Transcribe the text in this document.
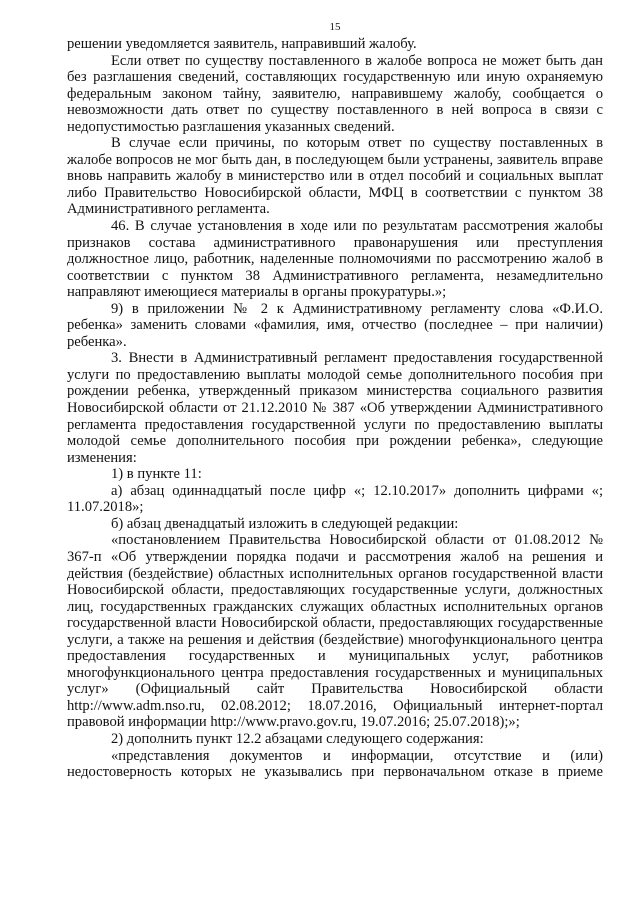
15

решении уведомляется заявитель, направивший жалобу.

Если ответ по существу поставленного в жалобе вопроса не может быть дан без разглашения сведений, составляющих государственную или иную охраняемую федеральным законом тайну, заявителю, направившему жалобу, сообщается о невозможности дать ответ по существу поставленного в ней вопроса в связи с недопустимостью разглашения указанных сведений.

В случае если причины, по которым ответ по существу поставленных в жалобе вопросов не мог быть дан, в последующем были устранены, заявитель вправе вновь направить жалобу в министерство или в отдел пособий и социальных выплат либо Правительство Новосибирской области, МФЦ в соответствии с пунктом 38 Административного регламента.

46. В случае установления в ходе или по результатам рассмотрения жалобы признаков состава административного правонарушения или преступления должностное лицо, работник, наделенные полномочиями по рассмотрению жалоб в соответствии с пунктом 38 Административного регламента, незамедлительно направляют имеющиеся материалы в органы прокуратуры.»;

9) в приложении № 2 к Административному регламенту слова «Ф.И.О. ребенка» заменить словами «фамилия, имя, отчество (последнее – при наличии) ребенка».

3. Внести в Административный регламент предоставления государственной услуги по предоставлению выплаты молодой семье дополнительного пособия при рождении ребенка, утвержденный приказом министерства социального развития Новосибирской области от 21.12.2010 № 387 «Об утверждении Административного регламента предоставления государственной услуги по предоставлению выплаты молодой семье дополнительного пособия при рождении ребенка», следующие изменения:

1) в пункте 11:

а) абзац одиннадцатый после цифр «; 12.10.2017» дополнить цифрами «; 11.07.2018»;

б) абзац двенадцатый изложить в следующей редакции:

«постановлением Правительства Новосибирской области от 01.08.2012 № 367-п «Об утверждении порядка подачи и рассмотрения жалоб на решения и действия (бездействие) областных исполнительных органов государственной власти Новосибирской области, предоставляющих государственные услуги, должностных лиц, государственных гражданских служащих областных исполнительных органов государственной власти Новосибирской области, предоставляющих государственные услуги, а также на решения и действия (бездействие) многофункционального центра предоставления государственных и муниципальных услуг, работников многофункционального центра предоставления государственных и муниципальных услуг» (Официальный сайт Правительства Новосибирской области http://www.adm.nso.ru, 02.08.2012; 18.07.2016, Официальный интернет-портал правовой информации http://www.pravo.gov.ru, 19.07.2016; 25.07.2018);»;

2) дополнить пункт 12.2 абзацами следующего содержания:

«представления документов и информации, отсутствие и (или) недостоверность которых не указывались при первоначальном отказе в приеме
